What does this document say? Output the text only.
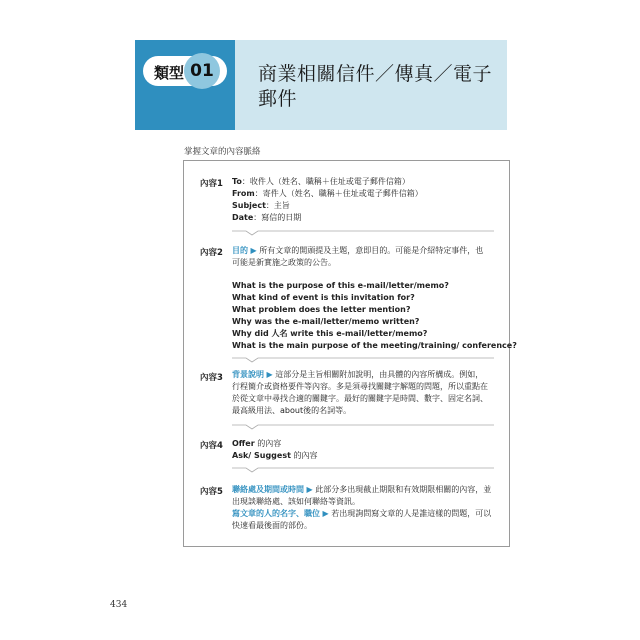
類型 01	商業相關信件／傳真／電子郵件
掌握文章的內容脈絡
內容1 To：收件人（姓名、職稱＋住址或電子郵件信箱）
From：寄件人（姓名、職稱＋住址或電子郵件信箱）
Subject：主旨
Date：寫信的日期
內容2 目的 ▶ 所有文章的開頭提及主題，意即目的。可能是介紹特定事件，也
可能是新實施之政策的公告。
What is the purpose of this e-mail/letter/memo?
What kind of event is this invitation for?
What problem does the letter mention?
Why was the e-mail/letter/memo written?
Why did 人名 write this e-mail/letter/memo?
What is the main purpose of the meeting/training/ conference?
內容3 背景說明 ▶ 這部分是主旨相關附加說明，由具體的內容所構成。例如，
行程簡介或資格要件等內容。多是須尋找關鍵字解題的問題，所以重點在
於從文章中尋找合適的關鍵字。最好的關鍵字是時間、數字、固定名詞、
最高級用法、about後的名詞等。
內容4 Offer 的內容
Ask/ Suggest 的內容
內容5 聯絡處及期間或時間 ▶ 此部分多出現截止期限和有效期限相關的內容，並
出現談聯絡處、該如何聯絡等資訊。
寫文章的人的名字、職位 ▶ 若出現詢問寫文章的人是誰這樣的問題，可以
快速看最後面的部份。
434
